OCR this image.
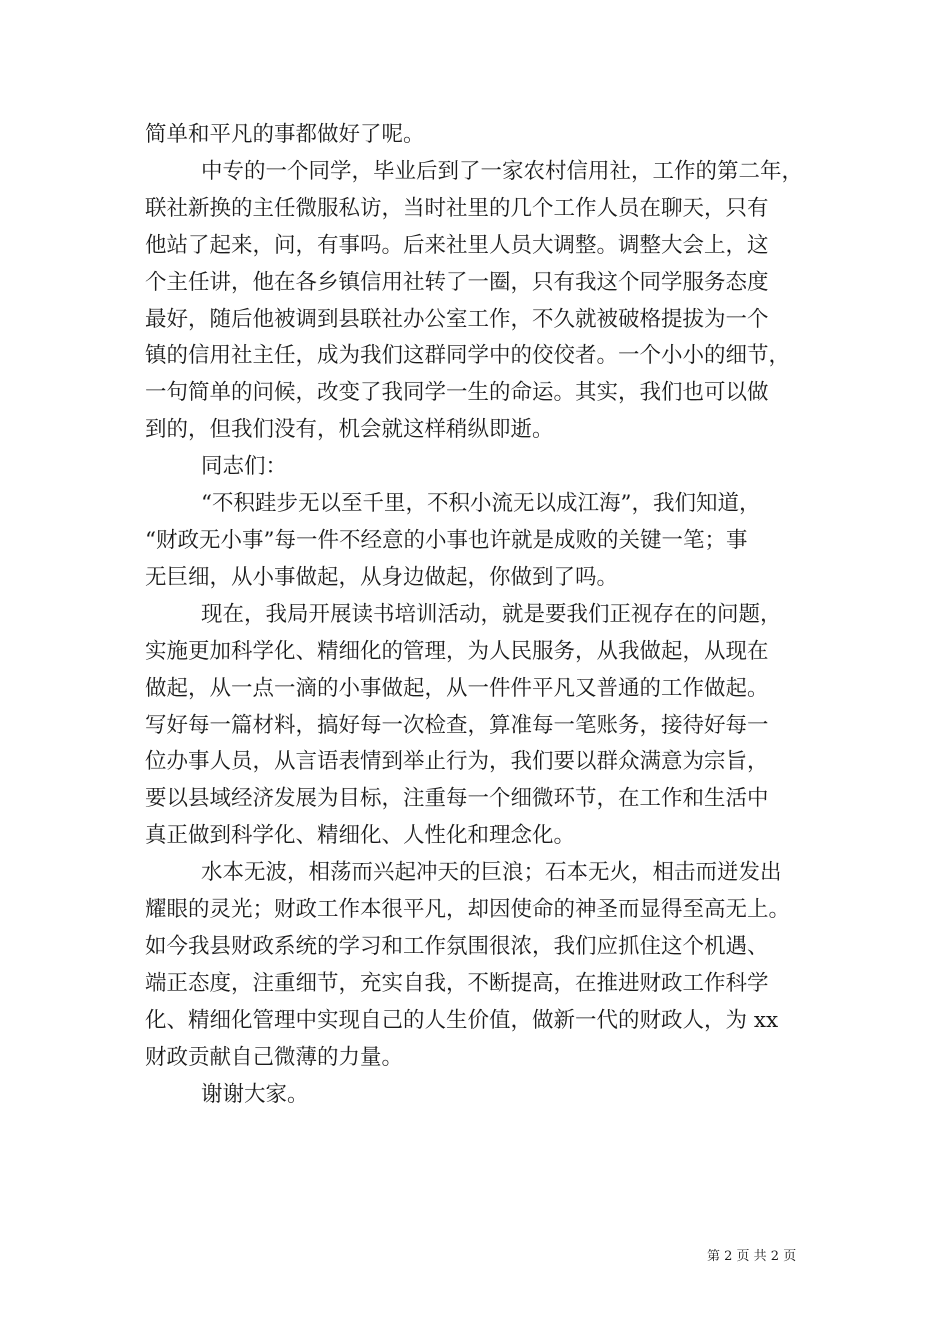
简单和平凡的事都做好了呢。

中专的一个同学，毕业后到了一家农村信用社，工作的第二年，

联社新换的主任微服私访，当时社里的几个工作人员在聊天，只有

他站了起来，问，有事吗。后来社里人员大调整。调整大会上，这

个主任讲，他在各乡镇信用社转了一圈，只有我这个同学服务态度

最好，随后他被调到县联社办公室工作，不久就被破格提拔为一个

镇的信用社主任，成为我们这群同学中的佼佼者。一个小小的细节，

一句简单的问候，改变了我同学一生的命运。其实，我们也可以做

到的，但我们没有，机会就这样稍纵即逝。

同志们：

“不积跬步无以至千里，不积小流无以成江海”，我们知道，

“财政无小事”每一件不经意的小事也许就是成败的关键一笔；事

无巨细，从小事做起，从身边做起，你做到了吗。

现在，我局开展读书培训活动，就是要我们正视存在的问题，

实施更加科学化、精细化的管理，为人民服务，从我做起，从现在

做起，从一点一滴的小事做起，从一件件平凡又普通的工作做起。

写好每一篇材料，搞好每一次检查，算准每一笔账务，接待好每一

位办事人员，从言语表情到举止行为，我们要以群众满意为宗旨，

要以县域经济发展为目标，注重每一个细微环节，在工作和生活中

真正做到科学化、精细化、人性化和理念化。

水本无波，相荡而兴起冲天的巨浪；石本无火，相击而迸发出

耀眼的灵光；财政工作本很平凡，却因使命的神圣而显得至高无上。

如今我县财政系统的学习和工作氛围很浓，我们应抓住这个机遇、

端正态度，注重细节，充实自我，不断提高，在推进财政工作科学

化、精细化管理中实现自己的人生价值，做新一代的财政人，为 xx

财政贡献自己微薄的力量。

谢谢大家。

第 2 页 共 2 页
